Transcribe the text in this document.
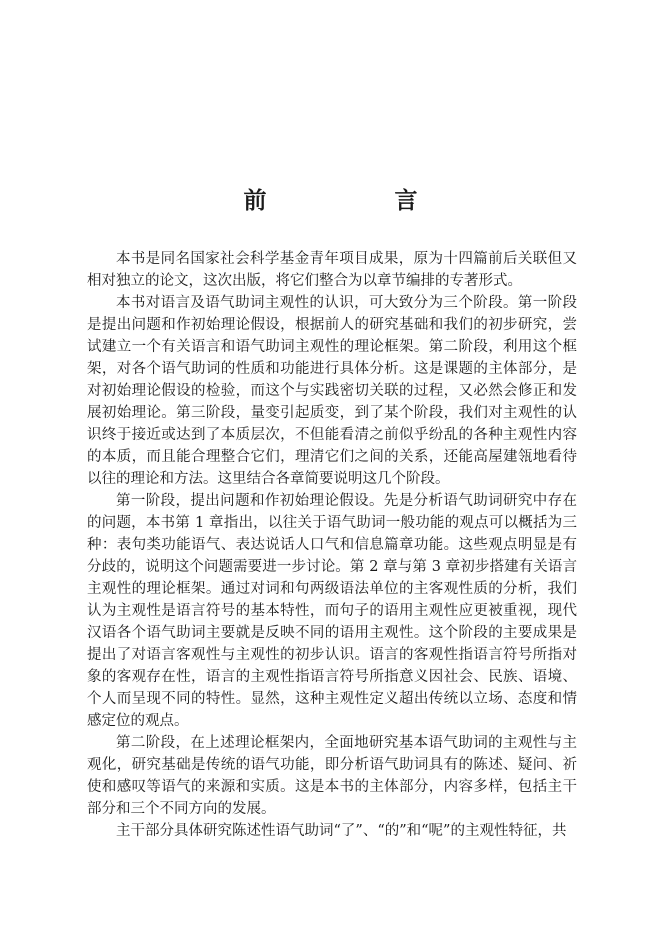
前 言

本书是同名国家社会科学基金青年项目成果，原为十四篇前后关联但又相对独立的论文，这次出版，将它们整合为以章节编排的专著形式。

本书对语言及语气助词主观性的认识，可大致分为三个阶段。第一阶段是提出问题和作初始理论假设，根据前人的研究基础和我们的初步研究，尝试建立一个有关语言和语气助词主观性的理论框架。第二阶段，利用这个框架，对各个语气助词的性质和功能进行具体分析。这是课题的主体部分，是对初始理论假设的检验，而这个与实践密切关联的过程，又必然会修正和发展初始理论。第三阶段，量变引起质变，到了某个阶段，我们对主观性的认识终于接近或达到了本质层次，不但能看清之前似乎纷乱的各种主观性内容的本质，而且能合理整合它们，理清它们之间的关系，还能高屋建瓴地看待以往的理论和方法。这里结合各章简要说明这几个阶段。

第一阶段，提出问题和作初始理论假设。先是分析语气助词研究中存在的问题，本书第 1 章指出，以往关于语气助词一般功能的观点可以概括为三种：表句类功能语气、表达说话人口气和信息篇章功能。这些观点明显是有分歧的，说明这个问题需要进一步讨论。第 2 章与第 3 章初步搭建有关语言主观性的理论框架。通过对词和句两级语法单位的主客观性质的分析，我们认为主观性是语言符号的基本特性，而句子的语用主观性应更被重视，现代汉语各个语气助词主要就是反映不同的语用主观性。这个阶段的主要成果是提出了对语言客观性与主观性的初步认识。语言的客观性指语言符号所指对象的客观存在性，语言的主观性指语言符号所指意义因社会、民族、语境、个人而呈现不同的特性。显然，这种主观性定义超出传统以立场、态度和情感定位的观点。

第二阶段，在上述理论框架内，全面地研究基本语气助词的主观性与主观化，研究基础是传统的语气功能，即分析语气助词具有的陈述、疑问、祈使和感叹等语气的来源和实质。这是本书的主体部分，内容多样，包括主干部分和三个不同方向的发展。

主干部分具体研究陈述性语气助词“了”、“的”和“呢”的主观性特征，共
